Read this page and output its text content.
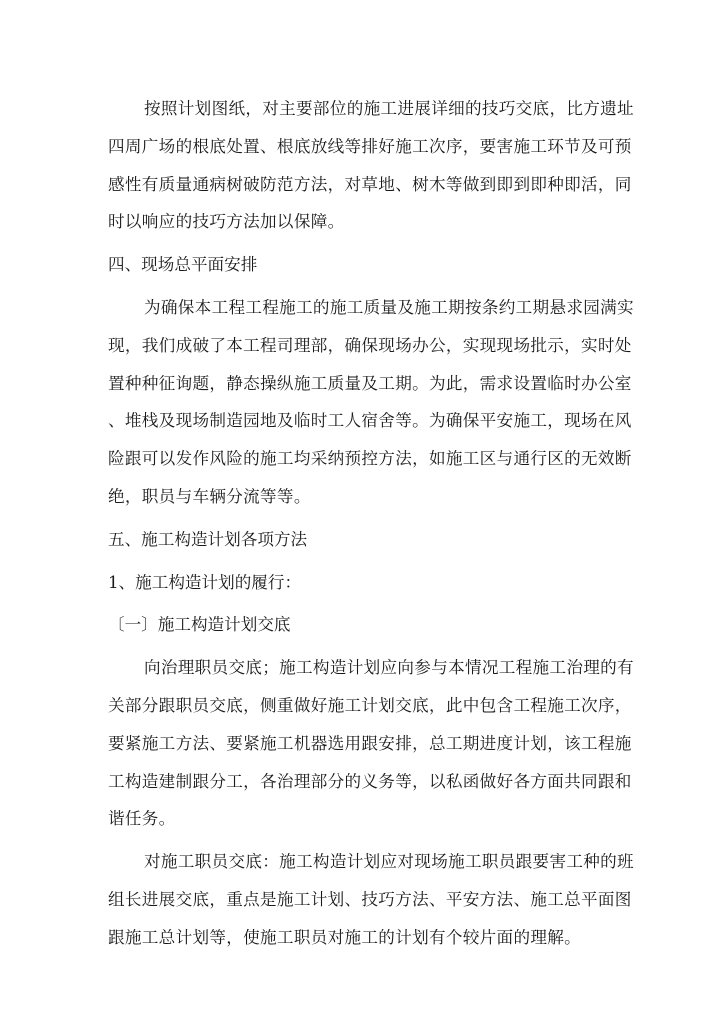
按照计划图纸，对主要部位的施工进展详细的技巧交底，比方遗址
四周广场的根底处置、根底放线等排好施工次序，要害施工环节及可预
感性有质量通病树破防范方法，对草地、树木等做到即到即种即活，同
时以响应的技巧方法加以保障。

四、现场总平面安排

为确保本工程工程施工的施工质量及施工期按条约工期悬求园满实
现，我们成破了本工程司理部，确保现场办公，实现现场批示，实时处
置种种征询题，静态操纵施工质量及工期。为此，需求设置临时办公室
、堆栈及现场制造园地及临时工人宿舍等。为确保平安施工，现场在风
险跟可以发作风险的施工均采纳预控方法，如施工区与通行区的无效断
绝，职员与车辆分流等等。

五、施工构造计划各项方法

1、施工构造计划的履行：

〔一〕施工构造计划交底

向治理职员交底；施工构造计划应向参与本情况工程施工治理的有
关部分跟职员交底，侧重做好施工计划交底，此中包含工程施工次序，
要紧施工方法、要紧施工机器选用跟安排，总工期进度计划，该工程施
工构造建制跟分工，各治理部分的义务等，以私函做好各方面共同跟和
谐任务。

对施工职员交底：施工构造计划应对现场施工职员跟要害工种的班
组长进展交底，重点是施工计划、技巧方法、平安方法、施工总平面图
跟施工总计划等，使施工职员对施工的计划有个较片面的理解。
